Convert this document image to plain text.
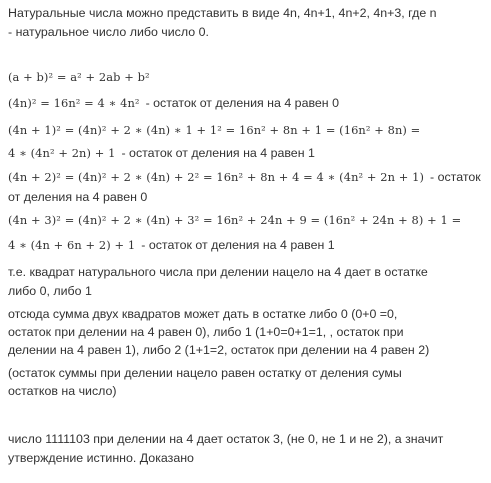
Натуральные числа можно представить в виде 4n, 4n+1, 4n+2, 4n+3, где n
- натуральное число либо число 0.
(a + b)² = a² + 2ab + b²
(4n)² = 16n² = 4 ∗ 4n² - остаток от деления на 4 равен 0
(4n + 1)² = (4n)² + 2 ∗ (4n) ∗ 1 + 1² = 16n² + 8n + 1 = (16n² + 8n) =
4 ∗ (4n² + 2n) + 1 - остаток от деления на 4 равен 1
(4n + 2)² = (4n)² + 2 ∗ (4n) + 2² = 16n² + 8n + 4 = 4 ∗ (4n² + 2n + 1) - остаток
от деления на 4 равен 0
(4n + 3)² = (4n)² + 2 ∗ (4n) + 3² = 16n² + 24n + 9 = (16n² + 24n + 8) + 1 =
4 ∗ (4n + 6n + 2) + 1 - остаток от деления на 4 равен 1
т.е. квадрат натурального числа при делении нацело на 4 дает в остатке
либо 0, либо 1
отсюда сумма двух квадратов может дать в остатке либо 0 (0+0 =0,
остаток при делении на 4 равен 0), либо 1 (1+0=0+1=1, , остаток при
делении на 4 равен 1), либо 2 (1+1=2, остаток при делении на 4 равен 2)
(остаток суммы при делении нацело равен остатку от деления сумы
остатков на число)
число 1111103 при делении на 4 дает остаток 3, (не 0, не 1 и не 2), а значит
утверждение истинно. Доказано
